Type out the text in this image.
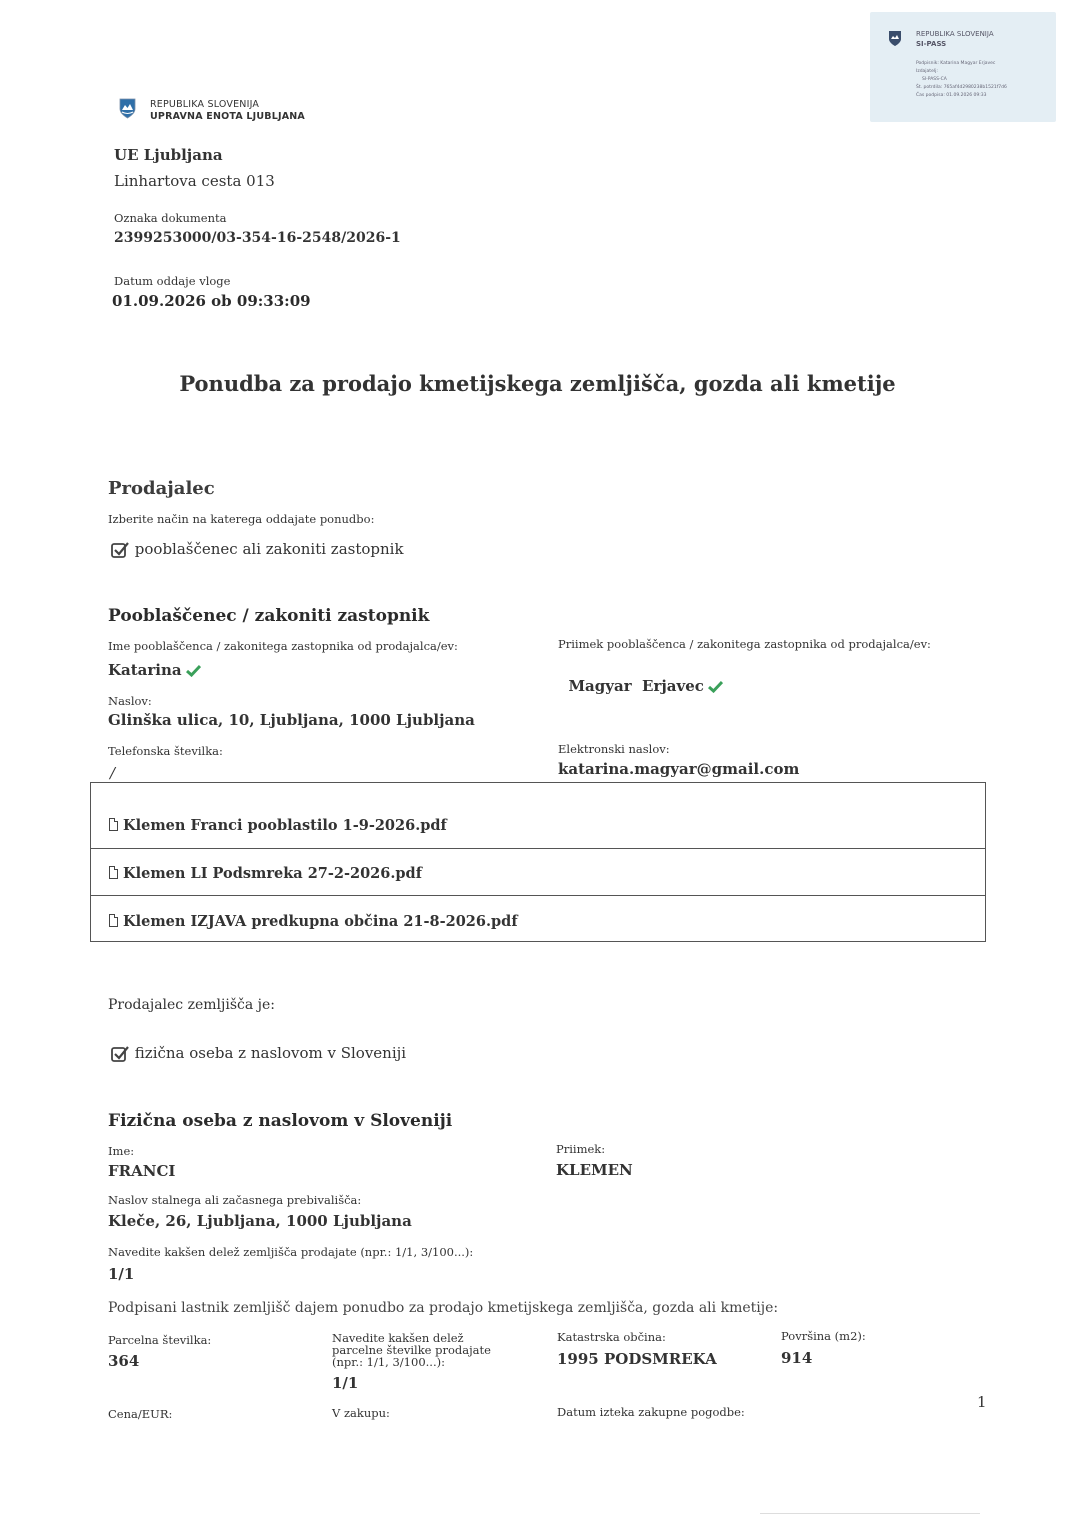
REPUBLIKA SLOVENIJA
SI-PASS
Podpisnik: Katarina Magyar Erjavec
Izdajatelj:
SI-PASS-CA
Št. potrdila: 765af4d2980238b1521f7d6
Čas podpisa: 01.09.2026 09:33
REPUBLIKA SLOVENIJA
UPRAVNA ENOTA LJUBLJANA
UE Ljubljana
Linhartova cesta 013
Oznaka dokumenta
2399253000/03-354-16-2548/2026-1
Datum oddaje vloge
01.09.2026 ob 09:33:09
Ponudba za prodajo kmetijskega zemljišča, gozda ali kmetije
Prodajalec
Izberite način na katerega oddajate ponudbo:
pooblaščenec ali zakoniti zastopnik
Pooblaščenec / zakoniti zastopnik
Ime pooblaščenca / zakonitega zastopnika od prodajalca/ev:
Katarina
Priimek pooblaščenca / zakonitega zastopnika od prodajalca/ev:

Magyar  Erjavec

Naslov:
Glinška ulica, 10, Ljubljana, 1000 Ljubljana
Telefonska številka:
/
Elektronski naslov:
katarina.magyar@gmail.com
Klemen Franci pooblastilo 1-9-2026.pdf
Klemen LI Podsmreka 27-2-2026.pdf
Klemen IZJAVA predkupna občina 21-8-2026.pdf
Prodajalec zemljišča je:
fizična oseba z naslovom v Sloveniji
Fizična oseba z naslovom v Sloveniji
Ime:
FRANCI
Priimek:
KLEMEN
Naslov stalnega ali začasnega prebivališča:
Kleče, 26, Ljubljana, 1000 Ljubljana
Navedite kakšen delež zemljišča prodajate (npr.: 1/1, 3/100...):
1/1
Podpisani lastnik zemljišč dajem ponudbo za prodajo kmetijskega zemljišča, gozda ali kmetije:
Parcelna številka:
364
Navedite kakšen delež parcelne številke prodajate (npr.: 1/1, 3/100...):
1/1
Katastrska občina:
1995 PODSMREKA
Površina (m2):
914
Cena/EUR:	V zakupu:	Datum izteka zakupne pogodbe:
1
